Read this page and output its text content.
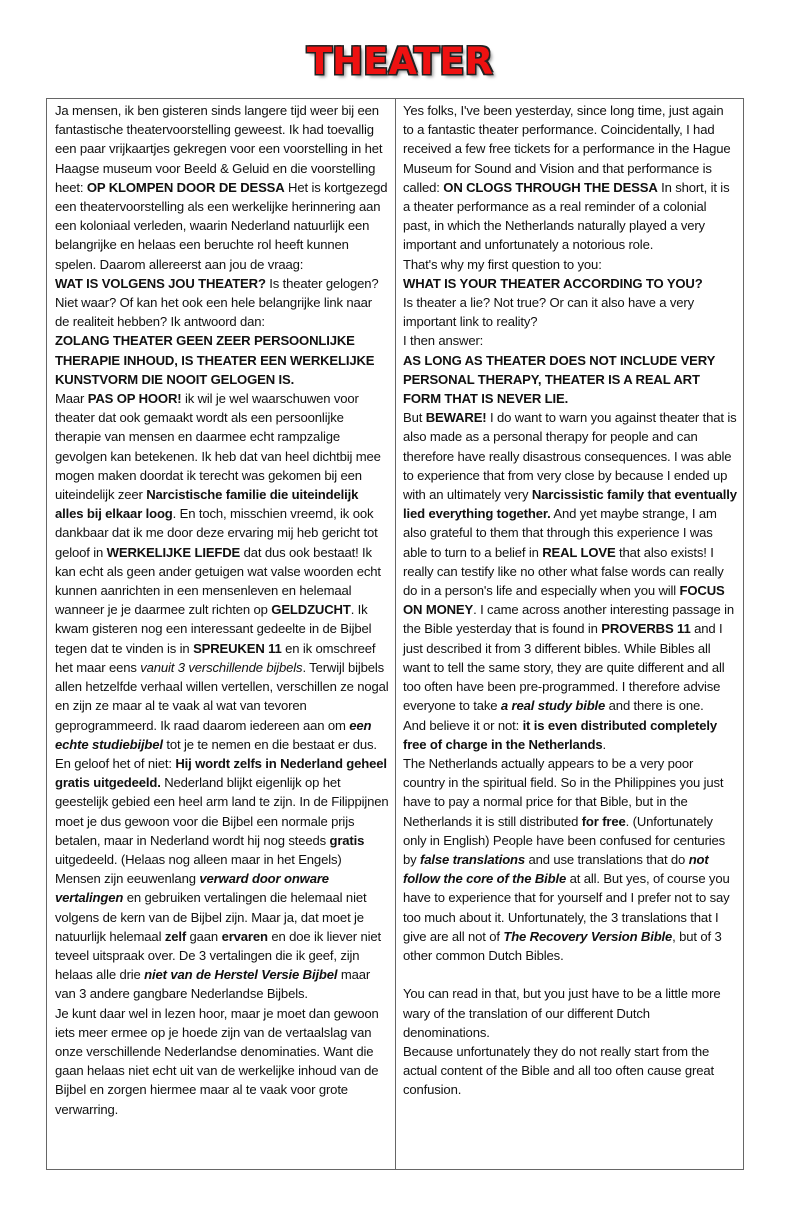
THEATER

Ja mensen, ik ben gisteren sinds langere tijd weer bij een fantastische theatervoorstelling geweest. Ik had toevallig een paar vrijkaartjes gekregen voor een voorstelling in het Haagse museum voor Beeld & Geluid en die voorstelling heet: OP KLOMPEN DOOR DE DESSA Het is kortgezegd een theatervoorstelling als een werkelijke herinnering aan een koloniaal verleden, waarin Nederland natuurlijk een belangrijke en helaas een beruchte rol heeft kunnen spelen. Daarom allereerst aan jou de vraag:

WAT IS VOLGENS JOU THEATER? Is theater gelogen? Niet waar? Of kan het ook een hele belangrijke link naar de realiteit hebben? Ik antwoord dan:

ZOLANG THEATER GEEN ZEER PERSOONLIJKE THERAPIE INHOUD, IS THEATER EEN WERKELIJKE KUNSTVORM DIE NOOIT GELOGEN IS.

Maar PAS OP HOOR! ik wil je wel waarschuwen voor theater dat ook gemaakt wordt als een persoonlijke therapie van mensen en daarmee echt rampzalige gevolgen kan betekenen. Ik heb dat van heel dichtbij mee mogen maken doordat ik terecht was gekomen bij een uiteindelijk zeer Narcistische familie die uiteindelijk alles bij elkaar loog. En toch, misschien vreemd, ik ook dankbaar dat ik me door deze ervaring mij heb gericht tot geloof in WERKELIJKE LIEFDE dat dus ook bestaat! Ik kan echt als geen ander getuigen wat valse woorden echt kunnen aanrichten in een mensenleven en helemaal wanneer je je daarmee zult richten op GELDZUCHT. Ik kwam gisteren nog een interessant gedeelte in de Bijbel tegen dat te vinden is in SPREUKEN 11 en ik omschreef het maar eens vanuit 3 verschillende bijbels. Terwijl bijbels allen hetzelfde verhaal willen vertellen, verschillen ze nogal en zijn ze maar al te vaak al wat van tevoren geprogrammeerd. Ik raad daarom iedereen aan om een echte studiebijbel tot je te nemen en die bestaat er dus. En geloof het of niet: Hij wordt zelfs in Nederland geheel gratis uitgedeeld. Nederland blijkt eigenlijk op het geestelijk gebied een heel arm land te zijn. In de Filippijnen moet je dus gewoon voor die Bijbel een normale prijs betalen, maar in Nederland wordt hij nog steeds gratis uitgedeeld. (Helaas nog alleen maar in het Engels) Mensen zijn eeuwenlang verward door onware vertalingen en gebruiken vertalingen die helemaal niet volgens de kern van de Bijbel zijn. Maar ja, dat moet je natuurlijk helemaal zelf gaan ervaren en doe ik liever niet teveel uitspraak over. De 3 vertalingen die ik geef, zijn helaas alle drie niet van de Herstel Versie Bijbel maar van 3 andere gangbare Nederlandse Bijbels.

Je kunt daar wel in lezen hoor, maar je moet dan gewoon iets meer ermee op je hoede zijn van de vertaalslag van onze verschillende Nederlandse denominaties. Want die gaan helaas niet echt uit van de werkelijke inhoud van de Bijbel en zorgen hiermee maar al te vaak voor grote verwarring.

Yes folks, I've been yesterday, since long time, just again to a fantastic theater performance. Coincidentally, I had received a few free tickets for a performance in the Hague Museum for Sound and Vision and that performance is called: ON CLOGS THROUGH THE DESSA In short, it is a theater performance as a real reminder of a colonial past, in which the Netherlands naturally played a very important and unfortunately a notorious role.

That's why my first question to you:

WHAT IS YOUR THEATER ACCORDING TO YOU?

Is theater a lie? Not true? Or can it also have a very important link to reality?

I then answer:

AS LONG AS THEATER DOES NOT INCLUDE VERY PERSONAL THERAPY, THEATER IS A REAL ART FORM THAT IS NEVER LIE.

But BEWARE! I do want to warn you against theater that is also made as a personal therapy for people and can therefore have really disastrous consequences. I was able to experience that from very close by because I ended up with an ultimately very Narcissistic family that eventually lied everything together. And yet maybe strange, I am also grateful to them that through this experience I was able to turn to a belief in REAL LOVE that also exists! I really can testify like no other what false words can really do in a person's life and especially when you will FOCUS ON MONEY. I came across another interesting passage in the Bible yesterday that is found in PROVERBS 11 and I just described it from 3 different bibles. While Bibles all want to tell the same story, they are quite different and all too often have been pre-programmed. I therefore advise everyone to take a real study bible and there is one.

And believe it or not: it is even distributed completely free of charge in the Netherlands.

The Netherlands actually appears to be a very poor country in the spiritual field. So in the Philippines you just have to pay a normal price for that Bible, but in the Netherlands it is still distributed for free. (Unfortunately only in English) People have been confused for centuries by false translations and use translations that do not follow the core of the Bible at all. But yes, of course you have to experience that for yourself and I prefer not to say too much about it. Unfortunately, the 3 translations that I give are all not of The Recovery Version Bible, but of 3 other common Dutch Bibles.

You can read in that, but you just have to be a little more wary of the translation of our different Dutch denominations.

Because unfortunately they do not really start from the actual content of the Bible and all too often cause great confusion.
